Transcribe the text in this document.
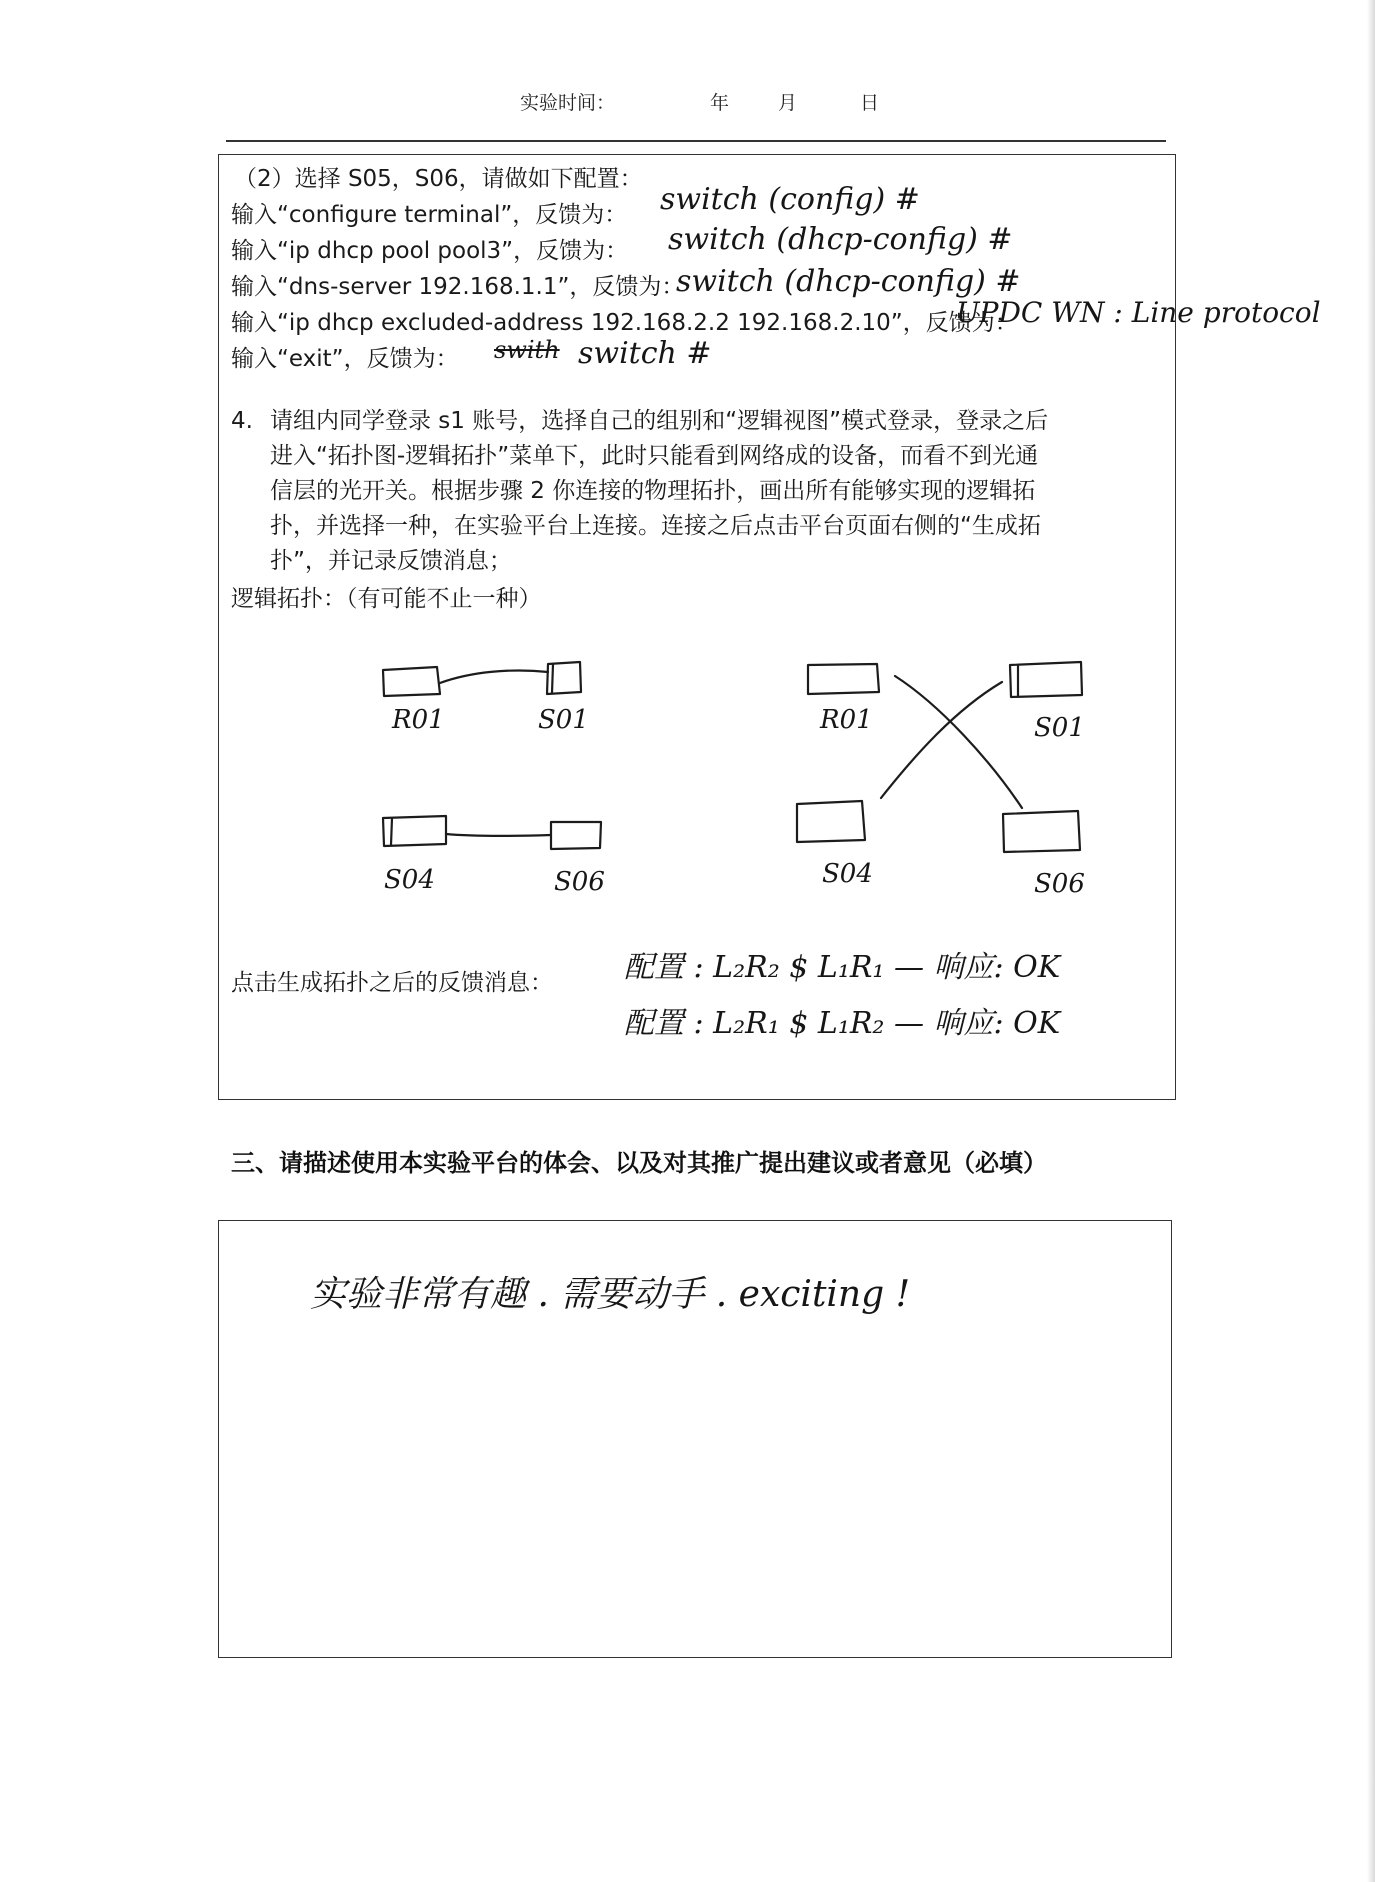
实验时间：	年	月	日
（2）选择 S05，S06，请做如下配置：
输入“configure terminal”，反馈为： switch (config) #
输入“ip dhcp pool pool3”，反馈为： switch (dhcp-config) #
输入“dns-server 192.168.1.1”，反馈为：
switch (dhcp-config) #
输入“ip dhcp excluded-address 192.168.2.2 192.168.2.10”，反馈为：
UPDC WN : Line protocol
输入“exit”，反馈为： swith switch #
4. 请组内同学登录 s1 账号，选择自己的组别和“逻辑视图”模式登录，登录之后
进入“拓扑图-逻辑拓扑”菜单下，此时只能看到网络成的设备，而看不到光通
信层的光开关。根据步骤 2 你连接的物理拓扑，画出所有能够实现的逻辑拓
扑，并选择一种，在实验平台上连接。连接之后点击平台页面右侧的“生成拓
扑”，并记录反馈消息；
逻辑拓扑：（有可能不止一种）
R01	S01
S04	S06
R01	S01
S04	S06
点击生成拓扑之后的反馈消息： 配置 : L₂R₂ $ L₁R₁ — 响应: OK
配置 : L₂R₁ $ L₁R₂ — 响应: OK
三、请描述使用本实验平台的体会、以及对其推广提出建议或者意见（必填）
实验非常有趣 . 需要动手 . exciting !
